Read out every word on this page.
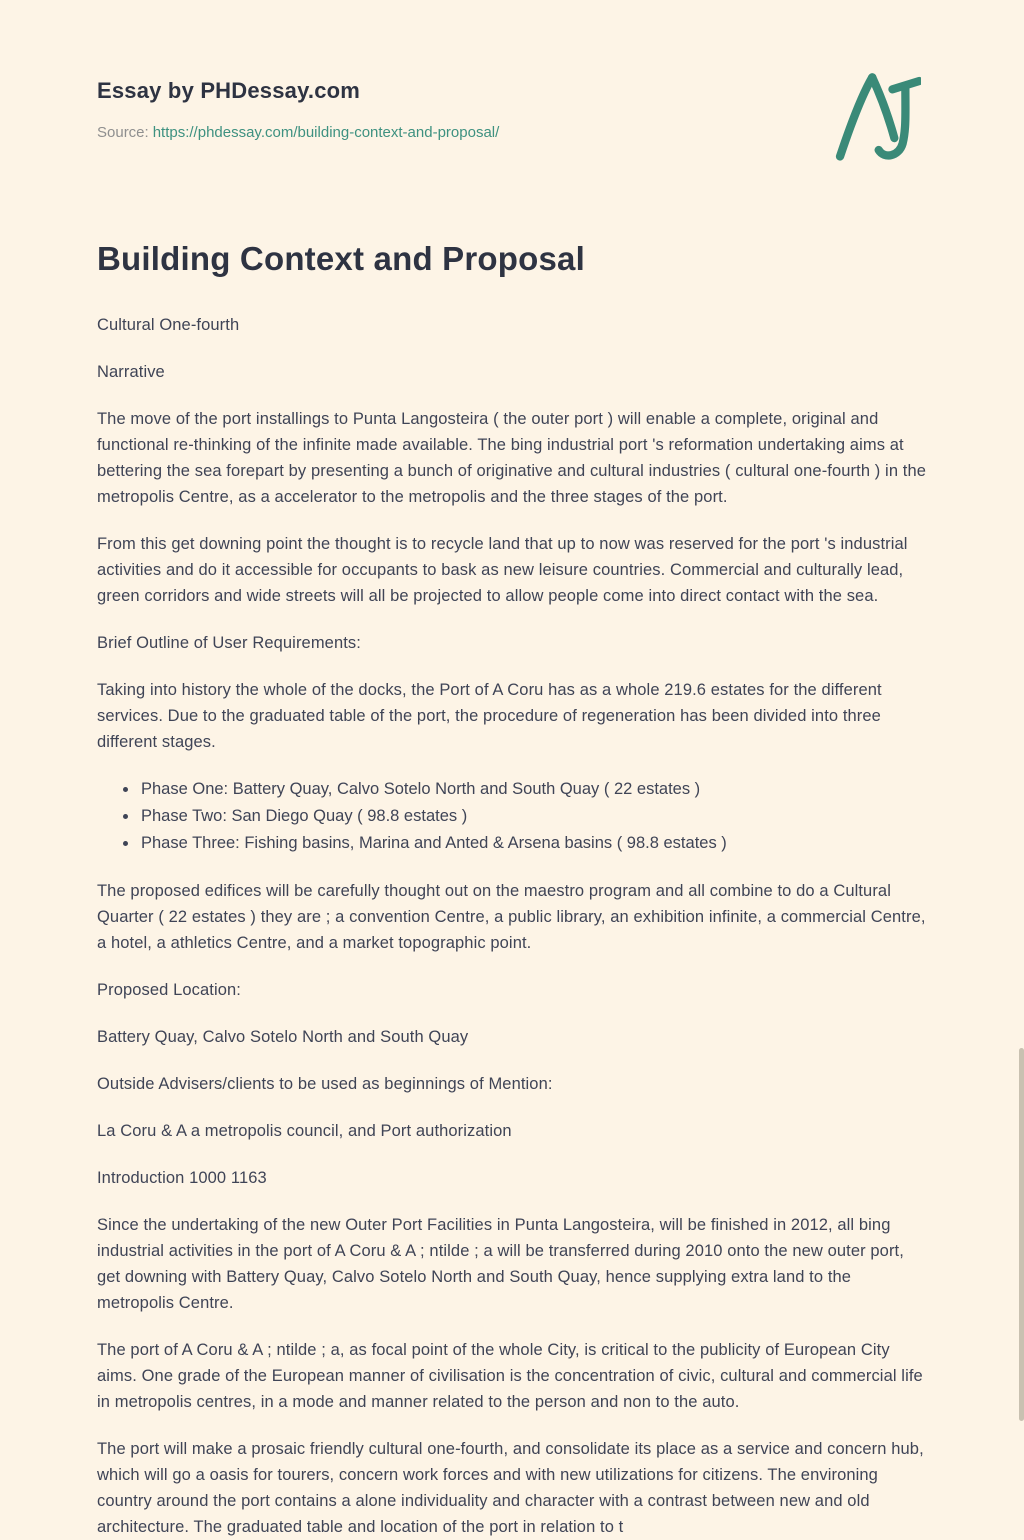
Essay by PHDessay.com

Source: https://phdessay.com/building-context-and-proposal/

Building Context and Proposal

Cultural One-fourth

Narrative

The move of the port installings to Punta Langosteira ( the outer port ) will enable a complete, original and functional re-thinking of the infinite made available. The bing industrial port 's reformation undertaking aims at bettering the sea forepart by presenting a bunch of originative and cultural industries ( cultural one-fourth ) in the metropolis Centre, as a accelerator to the metropolis and the three stages of the port.

From this get downing point the thought is to recycle land that up to now was reserved for the port 's industrial activities and do it accessible for occupants to bask as new leisure countries. Commercial and culturally lead, green corridors and wide streets will all be projected to allow people come into direct contact with the sea.

Brief Outline of User Requirements:

Taking into history the whole of the docks, the Port of A Coru has as a whole 219.6 estates for the different services. Due to the graduated table of the port, the procedure of regeneration has been divided into three different stages.

Phase One: Battery Quay, Calvo Sotelo North and South Quay ( 22 estates )
Phase Two: San Diego Quay ( 98.8 estates )
Phase Three: Fishing basins, Marina and Anted & Arsena basins ( 98.8 estates )

The proposed edifices will be carefully thought out on the maestro program and all combine to do a Cultural Quarter ( 22 estates ) they are ; a convention Centre, a public library, an exhibition infinite, a commercial Centre, a hotel, a athletics Centre, and a market topographic point.

Proposed Location:

Battery Quay, Calvo Sotelo North and South Quay

Outside Advisers/clients to be used as beginnings of Mention:

La Coru & A a metropolis council, and Port authorization

Introduction 1000 1163

Since the undertaking of the new Outer Port Facilities in Punta Langosteira, will be finished in 2012, all bing industrial activities in the port of A Coru & A ; ntilde ; a will be transferred during 2010 onto the new outer port, get downing with Battery Quay, Calvo Sotelo North and South Quay, hence supplying extra land to the metropolis Centre.

The port of A Coru & A ; ntilde ; a, as focal point of the whole City, is critical to the publicity of European City aims. One grade of the European manner of civilisation is the concentration of civic, cultural and commercial life in metropolis centres, in a mode and manner related to the person and non to the auto.

The port will make a prosaic friendly cultural one-fourth, and consolidate its place as a service and concern hub, which will go a oasis for tourers, concern work forces and with new utilizations for citizens. The environing country around the port contains a alone individuality and character with a contrast between new and old architecture. The graduated table and location of the port in relation to t
